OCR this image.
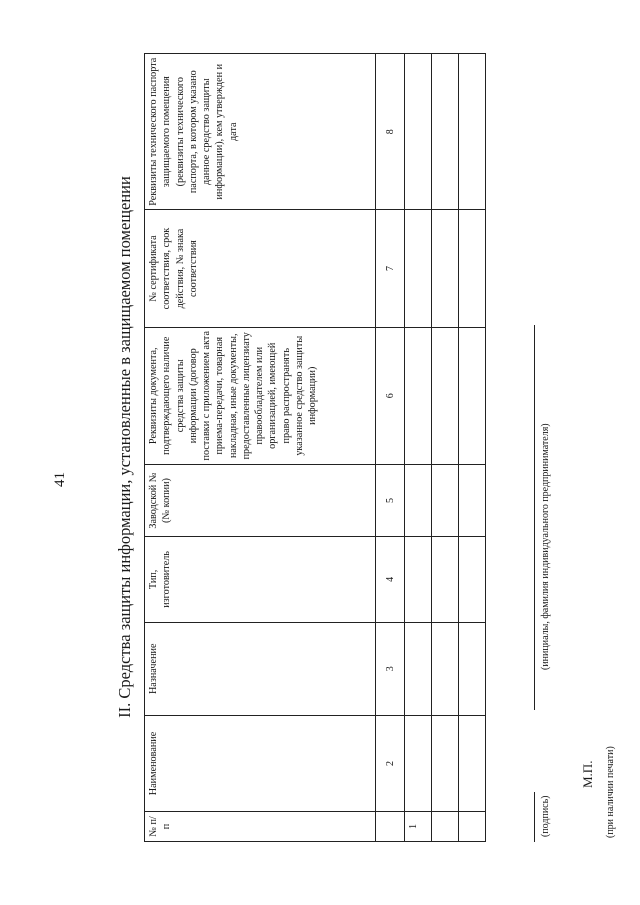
41	II. Средства защиты информации, установленные в защищаемом помещении
№ п/п	Наименование	Назначение	Тип, изготовитель	Заводской № (№ копии)	Реквизиты документа, подтверждающего наличие средства защиты информации (договор поставки с приложением акта приема-передачи, товарная накладная, иные документы, предоставленные лицензиату правообладателем или организацией, имеющей право распространять указанное средство защиты информации)	№ сертификата соответствия, срок действия, № знака соответствия	Реквизиты технического паспорта защищаемого помещения (реквизиты технического паспорта, в котором указано данное средство защиты информации), кем утвержден и дата
	2	3	4	5	6	7	8
1							

								(подпись)
(инициалы, фамилия индивидуального предпринимателя)
М.П. (при наличии печати)
